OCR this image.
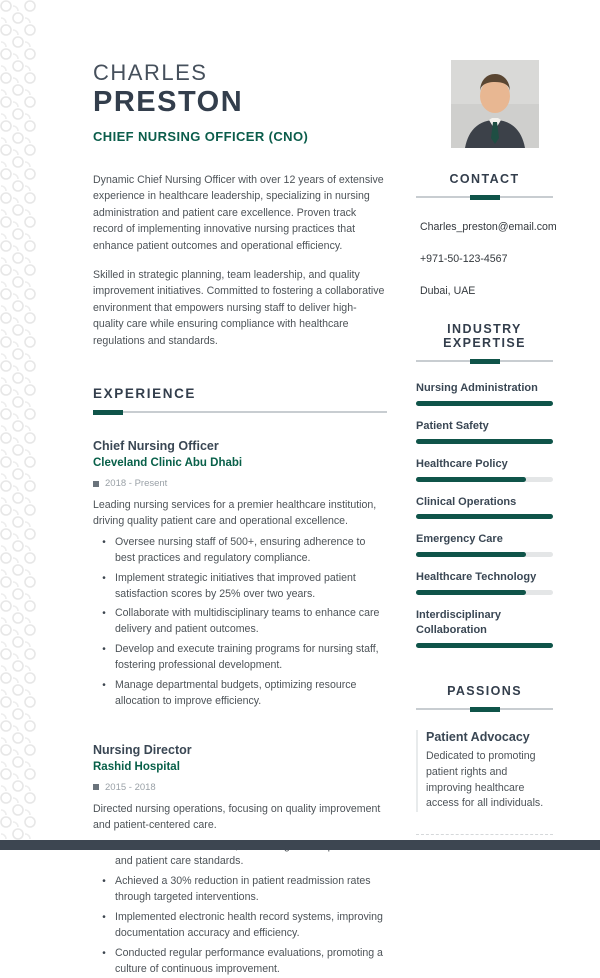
CHARLES
PRESTON
CHIEF NURSING OFFICER (CNO)

Dynamic Chief Nursing Officer with over 12 years of extensive experience in healthcare leadership, specializing in nursing administration and patient care excellence. Proven track record of implementing innovative nursing practices that enhance patient outcomes and operational efficiency.

Skilled in strategic planning, team leadership, and quality improvement initiatives. Committed to fostering a collaborative environment that empowers nursing staff to deliver high-quality care while ensuring compliance with healthcare regulations and standards.

EXPERIENCE
Chief Nursing Officer
Cleveland Clinic Abu Dhabi
2018 - Present
Leading nursing services for a premier healthcare institution, driving quality patient care and operational excellence.
• Oversee nursing staff of 500+, ensuring adherence to best practices and regulatory compliance.
• Implement strategic initiatives that improved patient satisfaction scores by 25% over two years.
• Collaborate with multidisciplinary teams to enhance care delivery and patient outcomes.
• Develop and execute training programs for nursing staff, fostering professional development.
• Manage departmental budgets, optimizing resource allocation to improve efficiency.
Nursing Director
Rashid Hospital
2015 - 2018
Directed nursing operations, focusing on quality improvement and patient-centered care.
and patient care standards.
• Achieved a 30% reduction in patient readmission rates through targeted interventions.
• Implemented electronic health record systems, improving documentation accuracy and efficiency.
• Conducted regular performance evaluations, promoting a culture of continuous improvement.
CONTACT
Charles_preston@email.com
+971-50-123-4567
Dubai, UAE
INDUSTRY EXPERTISE
Nursing Administration
Patient Safety
Healthcare Policy
Clinical Operations
Emergency Care
Healthcare Technology
Interdisciplinary Collaboration
PASSIONS
Patient Advocacy
Dedicated to promoting patient rights and improving healthcare access for all individuals.
